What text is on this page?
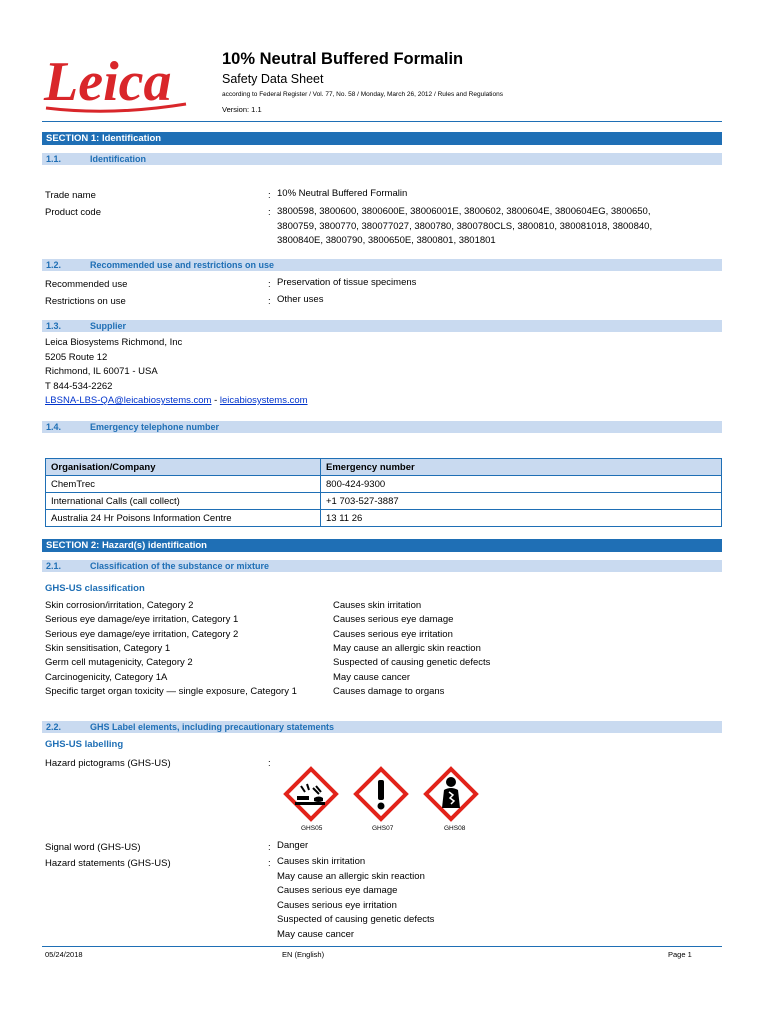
Leica	10% Neutral Buffered Formalin
Safety Data Sheet
according to Federal Register / Vol. 77, No. 58 / Monday, March 26, 2012 / Rules and Regulations
Version: 1.1
SECTION 1: Identification
1.1.	Identification
Trade name	: 10% Neutral Buffered Formalin
Product code	: 3800598, 3800600, 3800600E, 38006001E, 3800602, 3800604E, 3800604EG, 3800650,
3800759, 3800770, 380077027, 3800780, 3800780CLS, 3800810, 380081018, 3800840,
3800840E, 3800790, 3800650E, 3800801, 3801801
1.2.	Recommended use and restrictions on use
Recommended use	: Preservation of tissue specimens
Restrictions on use	: Other uses
1.3.	Supplier
Leica Biosystems Richmond, Inc
5205 Route 12
Richmond, IL 60071 - USA
T 844-534-2262
LBSNA-LBS-QA@leicabiosystems.com - leicabiosystems.com
1.4.	Emergency telephone number
Organisation/Company	Emergency number
ChemTrec	800-424-9300
International Calls (call collect)	+1 703-527-3887
Australia 24 Hr Poisons Information Centre	13 11 26
SECTION 2: Hazard(s) identification
2.1.	Classification of the substance or mixture
GHS-US classification
Skin corrosion/irritation, Category 2	Causes skin irritation
Serious eye damage/eye irritation, Category 1	Causes serious eye damage
Serious eye damage/eye irritation, Category 2	Causes serious eye irritation
Skin sensitisation, Category 1	May cause an allergic skin reaction
Germ cell mutagenicity, Category 2	Suspected of causing genetic defects
Carcinogenicity, Category 1A	May cause cancer
Specific target organ toxicity — single exposure, Category 1	Causes damage to organs
2.2.	GHS Label elements, including precautionary statements
GHS-US labelling
Hazard pictograms (GHS-US)	:
GHS05	GHS07	GHS08
Signal word (GHS-US)	: Danger
Hazard statements (GHS-US)	: Causes skin irritation
May cause an allergic skin reaction
Causes serious eye damage
Causes serious eye irritation
Suspected of causing genetic defects
May cause cancer
05/24/2018	EN (English)	Page 1
